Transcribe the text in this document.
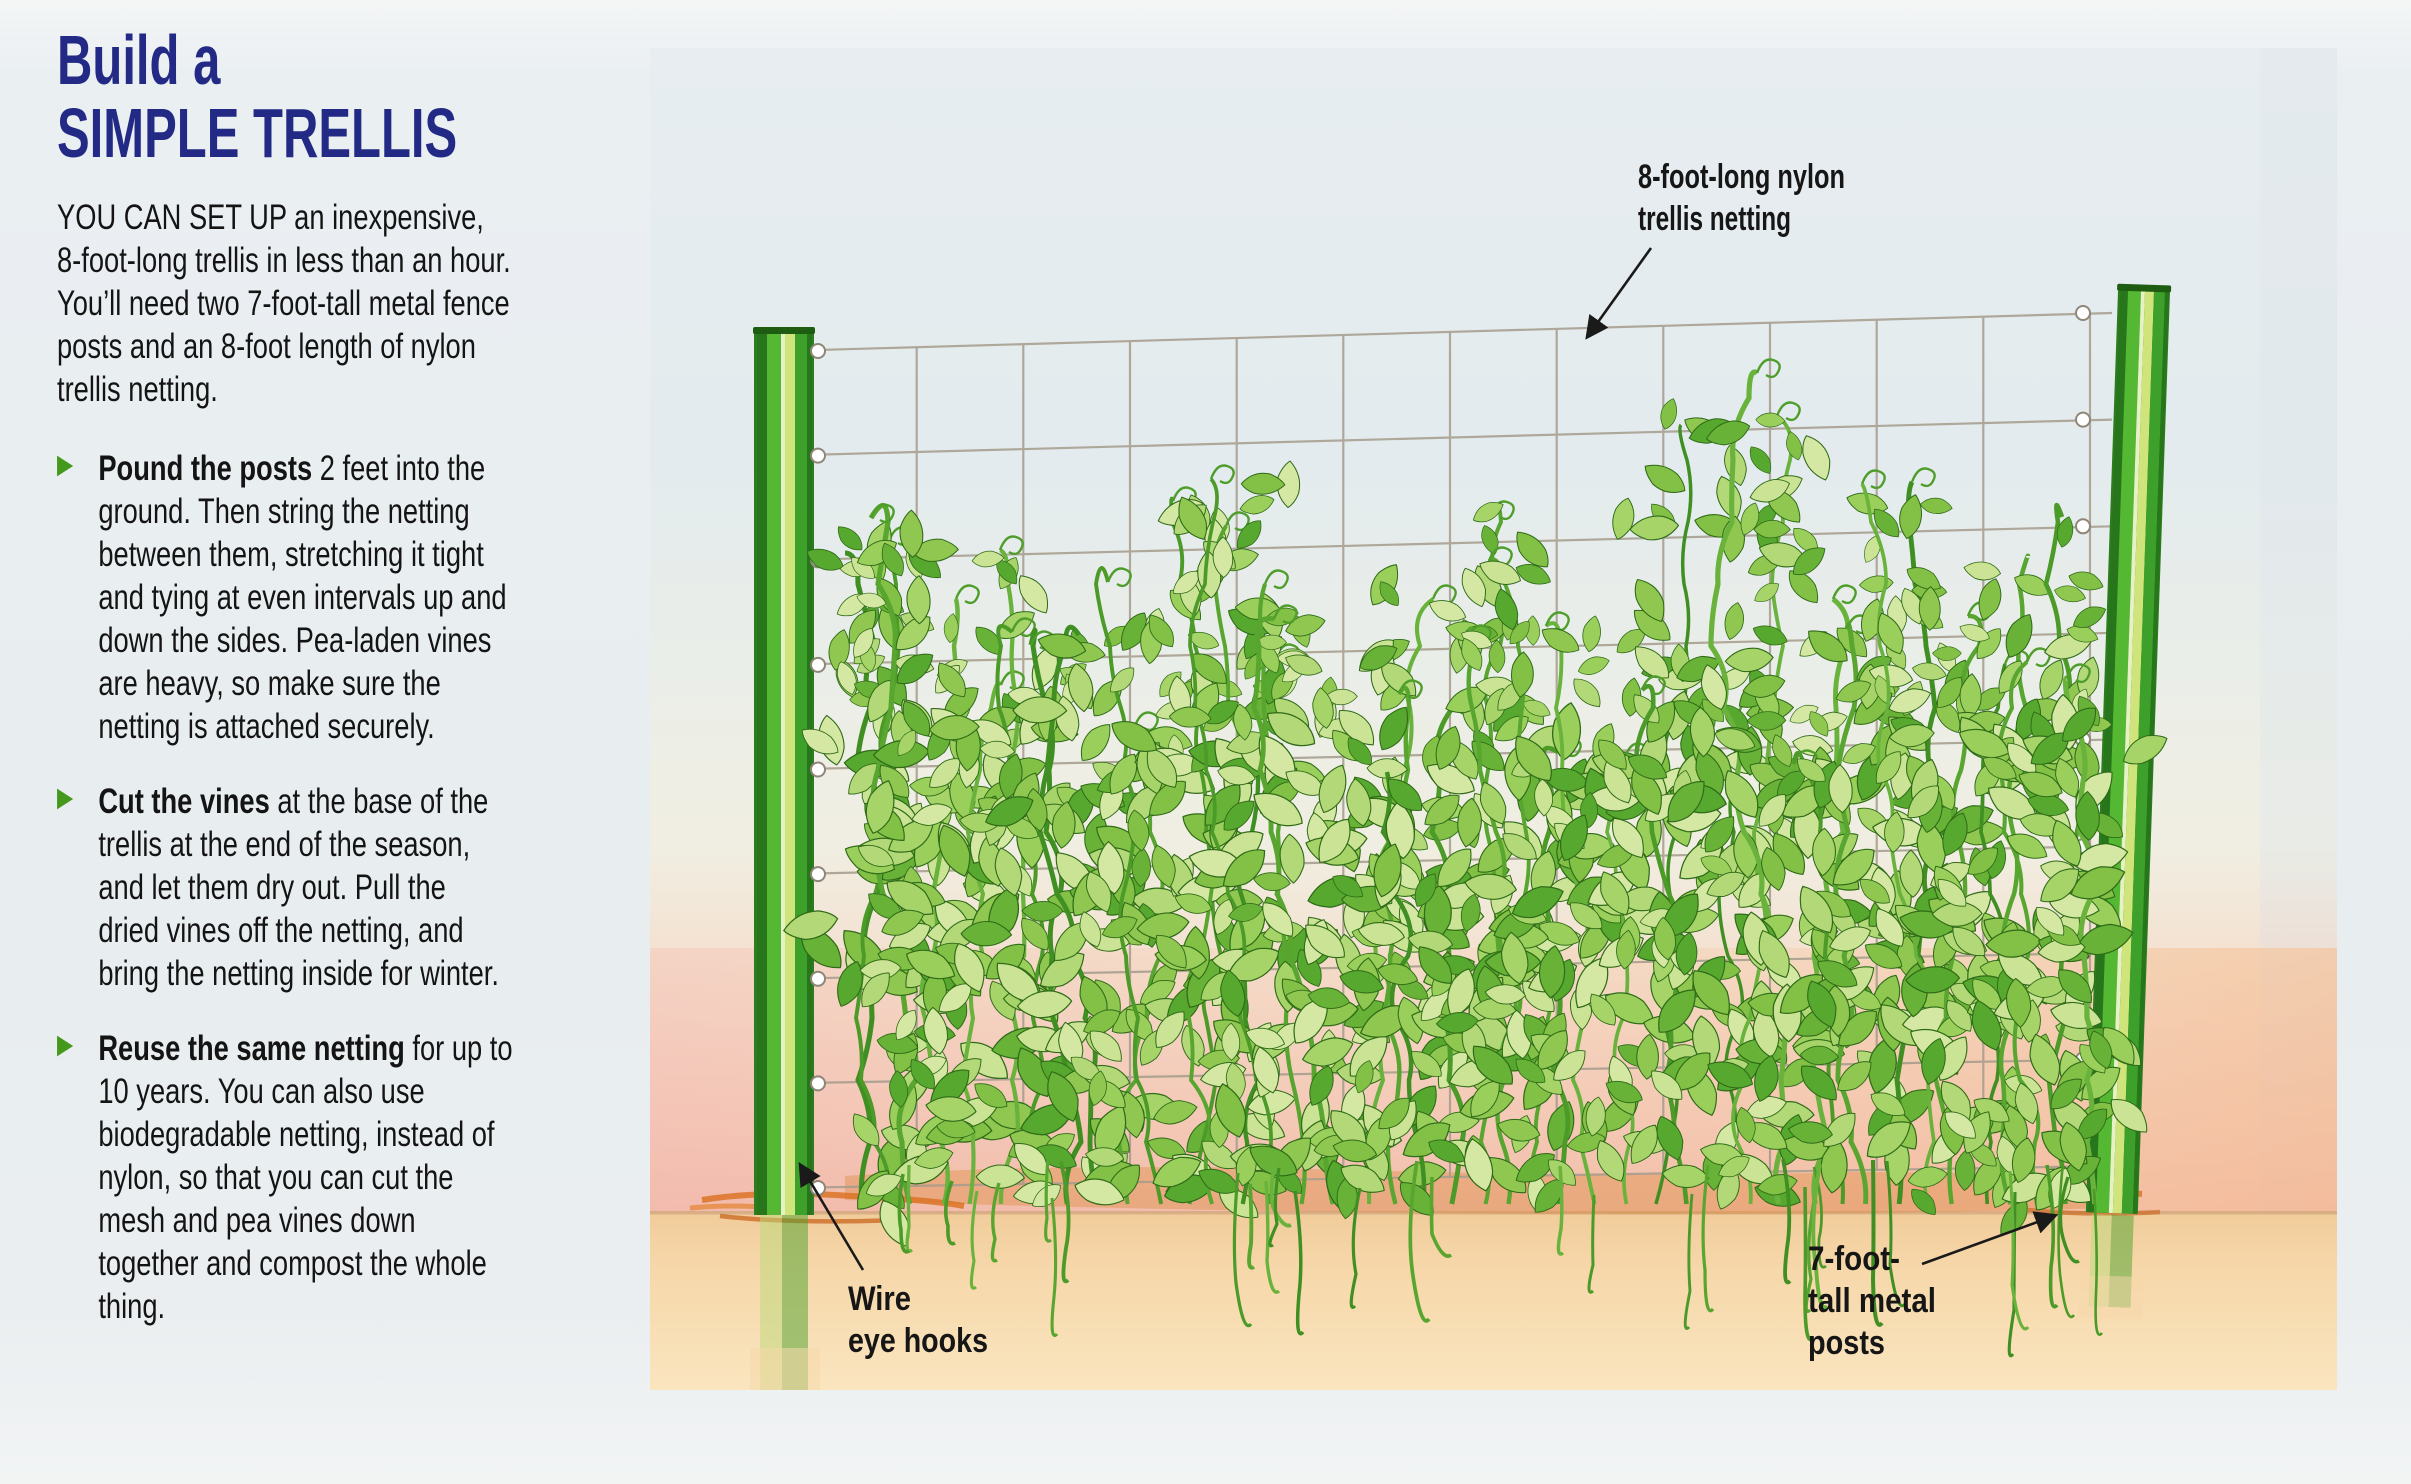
Build a
SIMPLE TRELLIS

YOU CAN SET UP an inexpensive, 8-foot-long trellis in less than an hour. You’ll need two 7-foot-tall metal fence posts and an 8-foot length of nylon trellis netting.

▶ Pound the posts 2 feet into the ground. Then string the netting between them, stretching it tight and tying at even intervals up and down the sides. Pea-laden vines are heavy, so make sure the netting is attached securely.
▶ Cut the vines at the base of the trellis at the end of the season, and let them dry out. Pull the dried vines off the netting, and bring the netting inside for winter.
▶ Reuse the same netting for up to 10 years. You can also use biodegradable netting, instead of nylon, so that you can cut the mesh and pea vines down together and compost the whole thing.
8-foot-long nylon
trellis netting
Wire
eye hooks
7-foot-
tall metal
posts
